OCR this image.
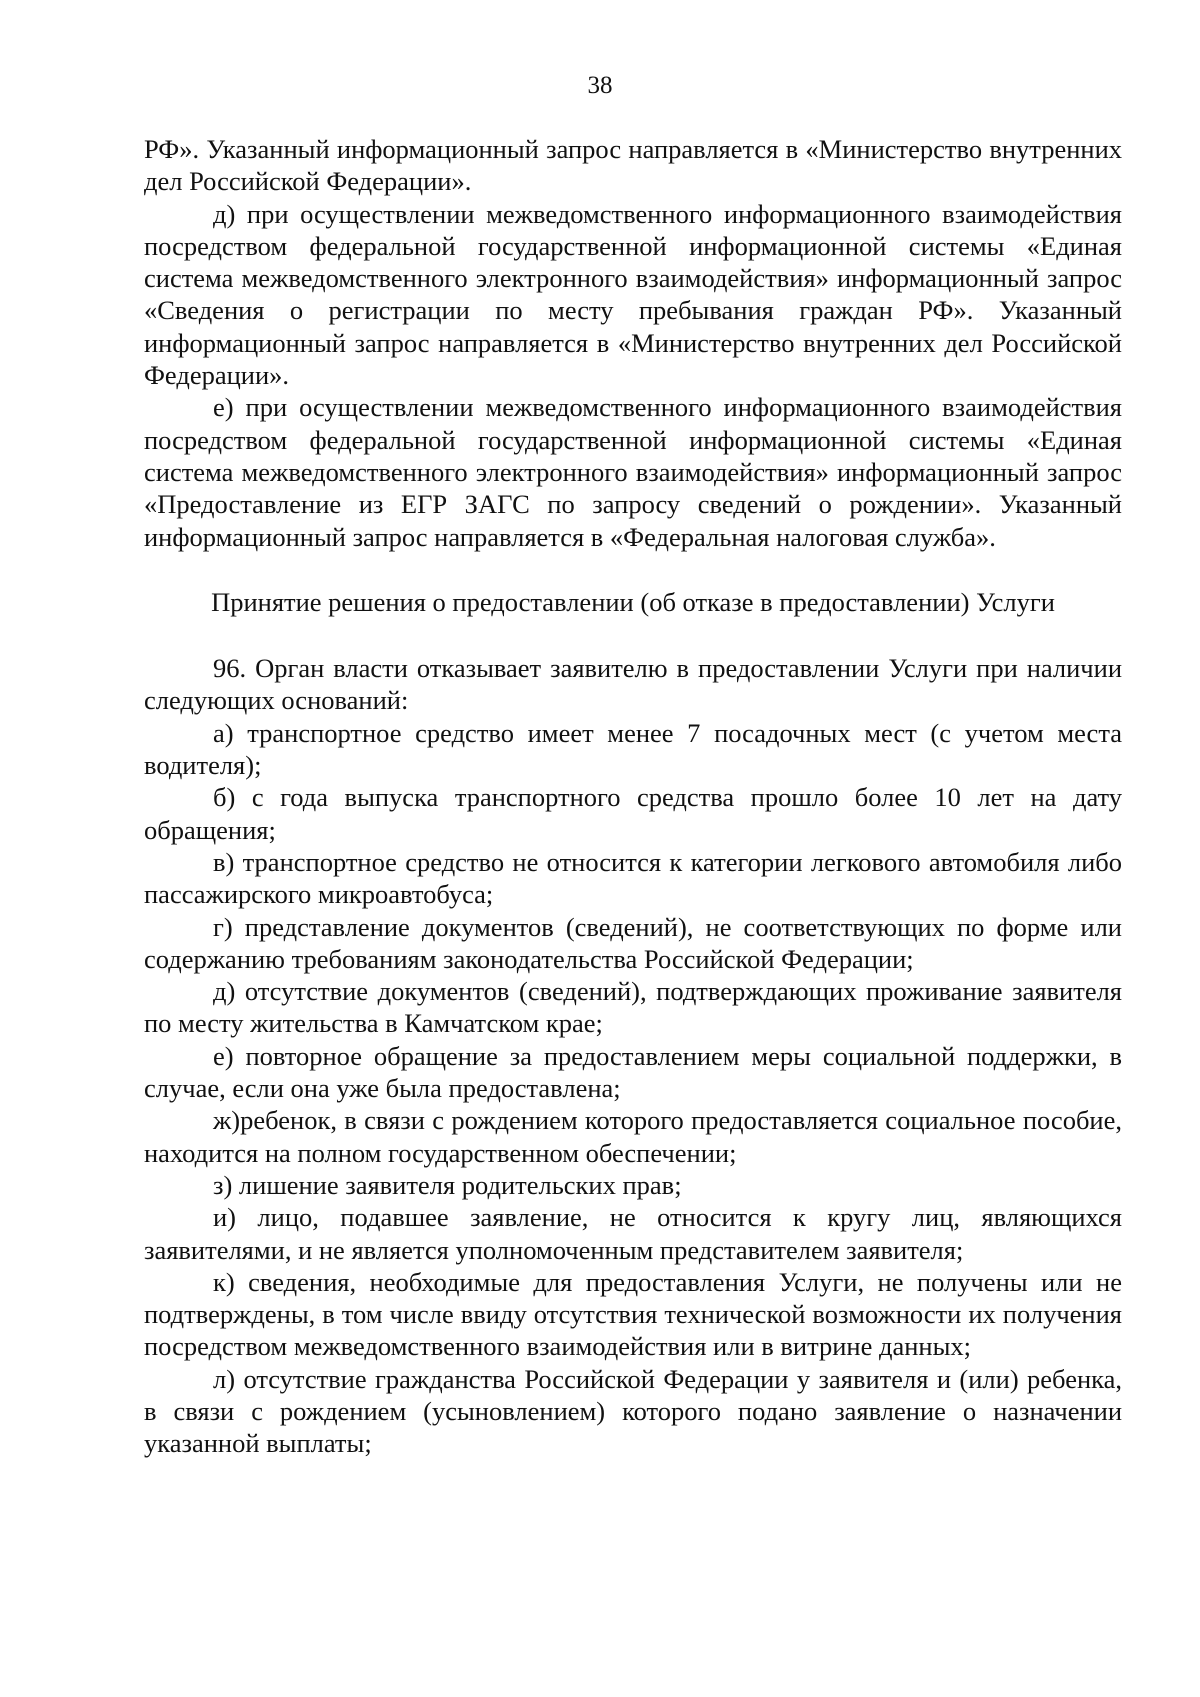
38

РФ». Указанный информационный запрос направляется в «Министерство внутренних дел Российской Федерации».

д) при осуществлении межведомственного информационного взаимодействия посредством федеральной государственной информационной системы «Единая система межведомственного электронного взаимодействия» информационный запрос «Сведения о регистрации по месту пребывания граждан РФ». Указанный информационный запрос направляется в «Министерство внутренних дел Российской Федерации».

е) при осуществлении межведомственного информационного взаимодействия посредством федеральной государственной информационной системы «Единая система межведомственного электронного взаимодействия» информационный запрос «Предоставление из ЕГР ЗАГС по запросу сведений о рождении». Указанный информационный запрос направляется в «Федеральная налоговая служба».

Принятие решения о предоставлении (об отказе в предоставлении) Услуги

96. Орган власти отказывает заявителю в предоставлении Услуги при наличии следующих оснований:

а) транспортное средство имеет менее 7 посадочных мест (с учетом места водителя);

б) с года выпуска транспортного средства прошло более 10 лет на дату обращения;

в) транспортное средство не относится к категории легкового автомобиля либо пассажирского микроавтобуса;

г) представление документов (сведений), не соответствующих по форме или содержанию требованиям законодательства Российской Федерации;

д) отсутствие документов (сведений), подтверждающих проживание заявителя по месту жительства в Камчатском крае;

е) повторное обращение за предоставлением меры социальной поддержки, в случае, если она уже была предоставлена;

ж)ребенок, в связи с рождением которого предоставляется социальное пособие, находится на полном государственном обеспечении;

з) лишение заявителя родительских прав;

и) лицо, подавшее заявление, не относится к кругу лиц, являющихся заявителями, и не является уполномоченным представителем заявителя;

к) сведения, необходимые для предоставления Услуги, не получены или не подтверждены, в том числе ввиду отсутствия технической возможности их получения посредством межведомственного взаимодействия или в витрине данных;

л) отсутствие гражданства Российской Федерации у заявителя и (или) ребенка, в связи с рождением (усыновлением) которого подано заявление о назначении указанной выплаты;
